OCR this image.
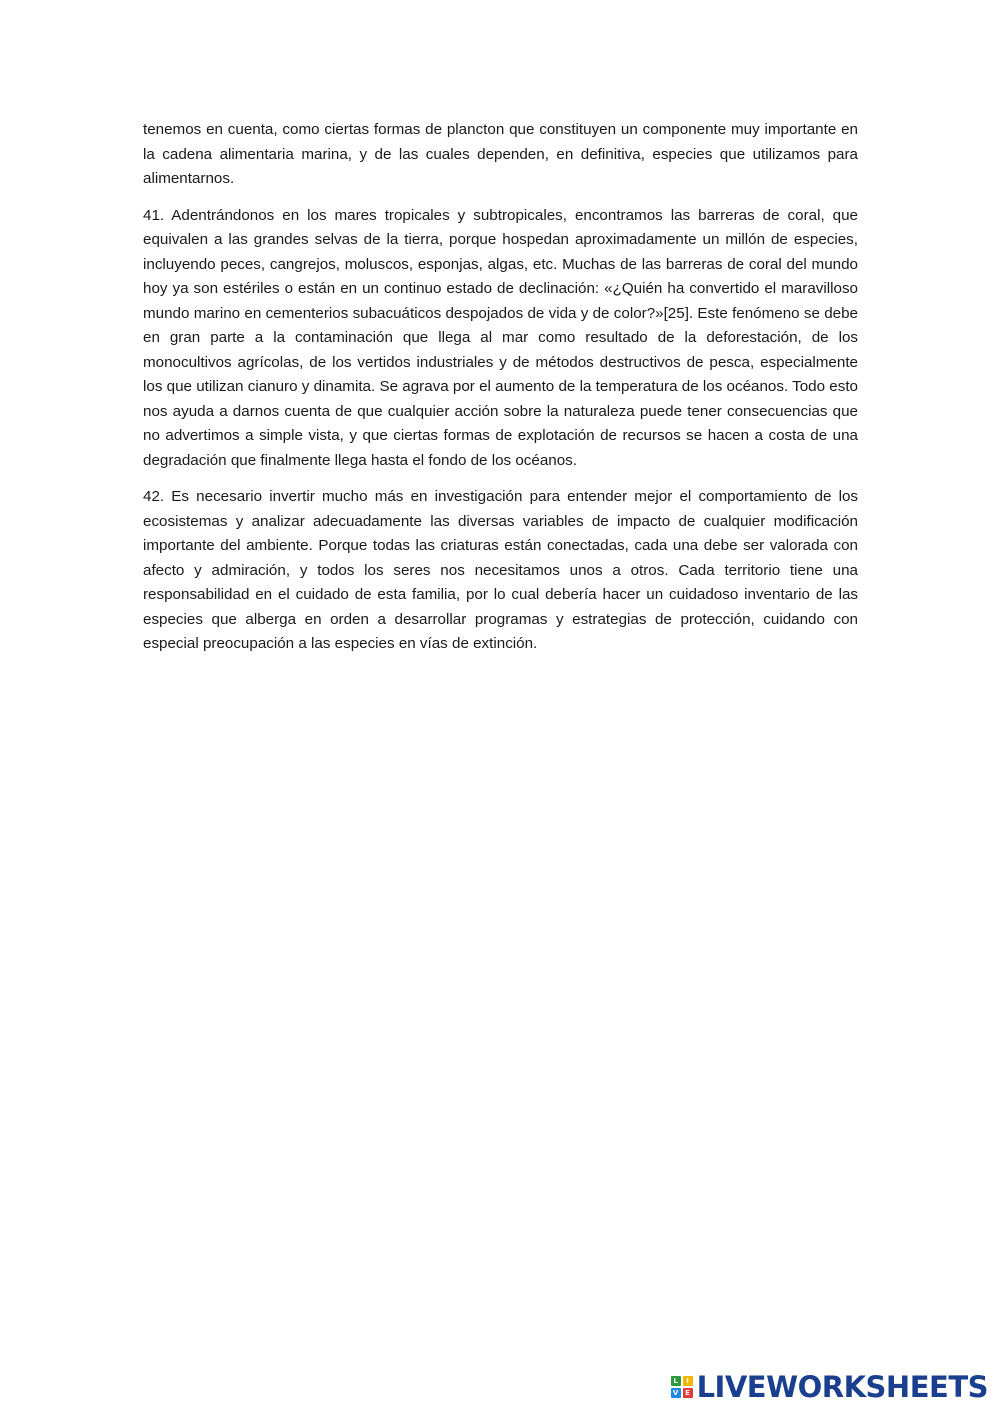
tenemos en cuenta, como ciertas formas de plancton que constituyen un componente muy importante en la cadena alimentaria marina, y de las cuales dependen, en definitiva, especies que utilizamos para alimentarnos.

41. Adentrándonos en los mares tropicales y subtropicales, encontramos las barreras de coral, que equivalen a las grandes selvas de la tierra, porque hospedan aproximadamente un millón de especies, incluyendo peces, cangrejos, moluscos, esponjas, algas, etc. Muchas de las barreras de coral del mundo hoy ya son estériles o están en un continuo estado de declinación: «¿Quién ha convertido el maravilloso mundo marino en cementerios subacuáticos despojados de vida y de color?»[25]. Este fenómeno se debe en gran parte a la contaminación que llega al mar como resultado de la deforestación, de los monocultivos agrícolas, de los vertidos industriales y de métodos destructivos de pesca, especialmente los que utilizan cianuro y dinamita. Se agrava por el aumento de la temperatura de los océanos. Todo esto nos ayuda a darnos cuenta de que cualquier acción sobre la naturaleza puede tener consecuencias que no advertimos a simple vista, y que ciertas formas de explotación de recursos se hacen a costa de una degradación que finalmente llega hasta el fondo de los océanos.

42. Es necesario invertir mucho más en investigación para entender mejor el comportamiento de los ecosistemas y analizar adecuadamente las diversas variables de impacto de cualquier modificación importante del ambiente. Porque todas las criaturas están conectadas, cada una debe ser valorada con afecto y admiración, y todos los seres nos necesitamos unos a otros. Cada territorio tiene una responsabilidad en el cuidado de esta familia, por lo cual debería hacer un cuidadoso inventario de las especies que alberga en orden a desarrollar programas y estrategias de protección, cuidando con especial preocupación a las especies en vías de extinción.

L	I
V E LIVEWORKSHEETS
